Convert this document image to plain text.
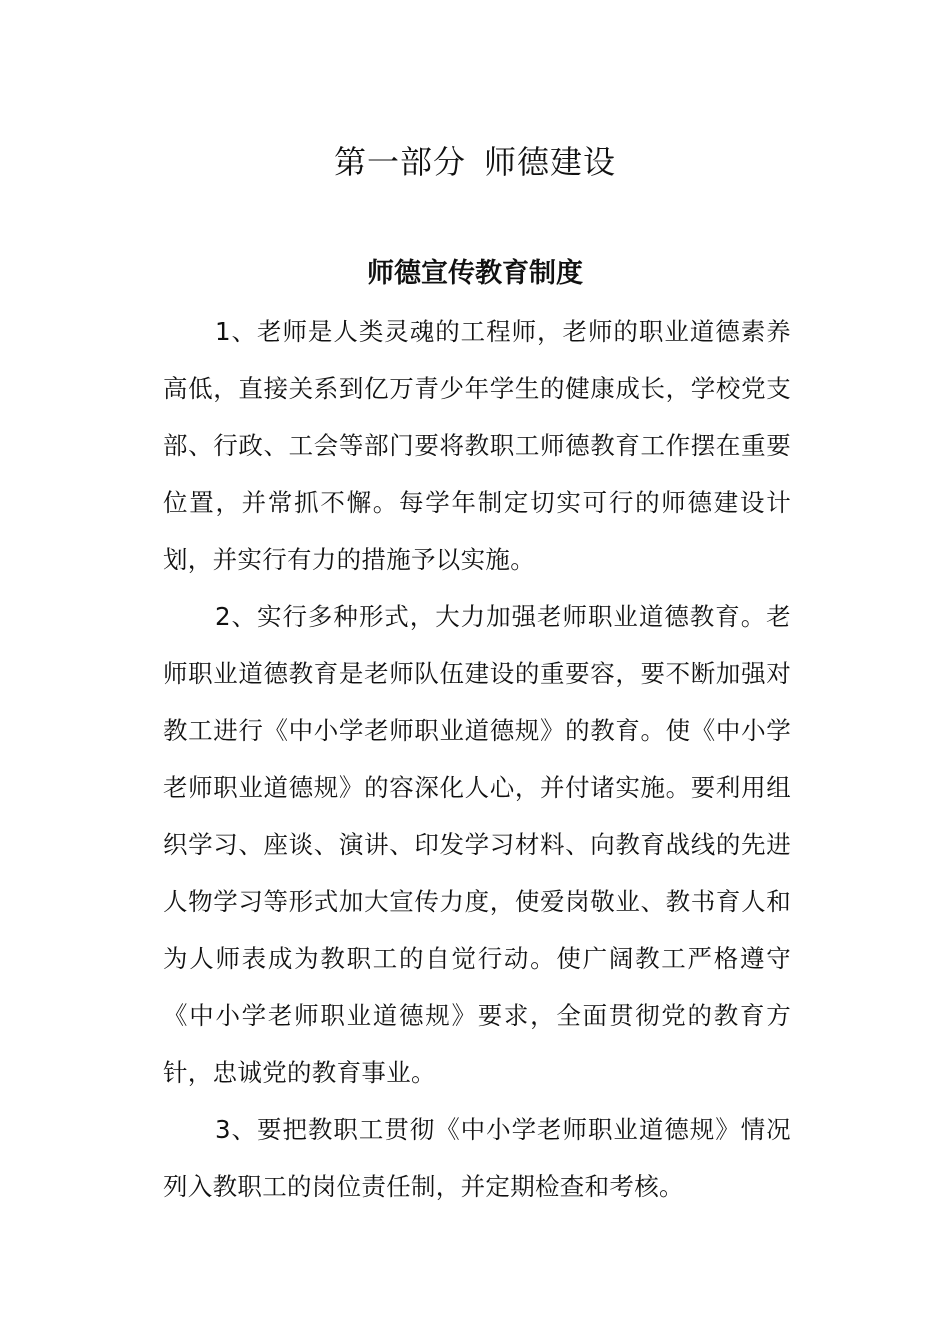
第一部分 师德建设
师德宣传教育制度

1、老师是人类灵魂的工程师，老师的职业道德素养高低，直接关系到亿万青少年学生的健康成长，学校党支部、行政、工会等部门要将教职工师德教育工作摆在重要位置，并常抓不懈。每学年制定切实可行的师德建设计划，并实行有力的措施予以实施。

2、实行多种形式，大力加强老师职业道德教育。老师职业道德教育是老师队伍建设的重要容，要不断加强对教工进行《中小学老师职业道德规》的教育。使《中小学老师职业道德规》的容深化人心，并付诸实施。要利用组织学习、座谈、演讲、印发学习材料、向教育战线的先进人物学习等形式加大宣传力度，使爱岗敬业、教书育人和为人师表成为教职工的自觉行动。使广阔教工严格遵守《中小学老师职业道德规》要求，全面贯彻党的教育方针，忠诚党的教育事业。

3、要把教职工贯彻《中小学老师职业道德规》情况列入教职工的岗位责任制，并定期检查和考核。
